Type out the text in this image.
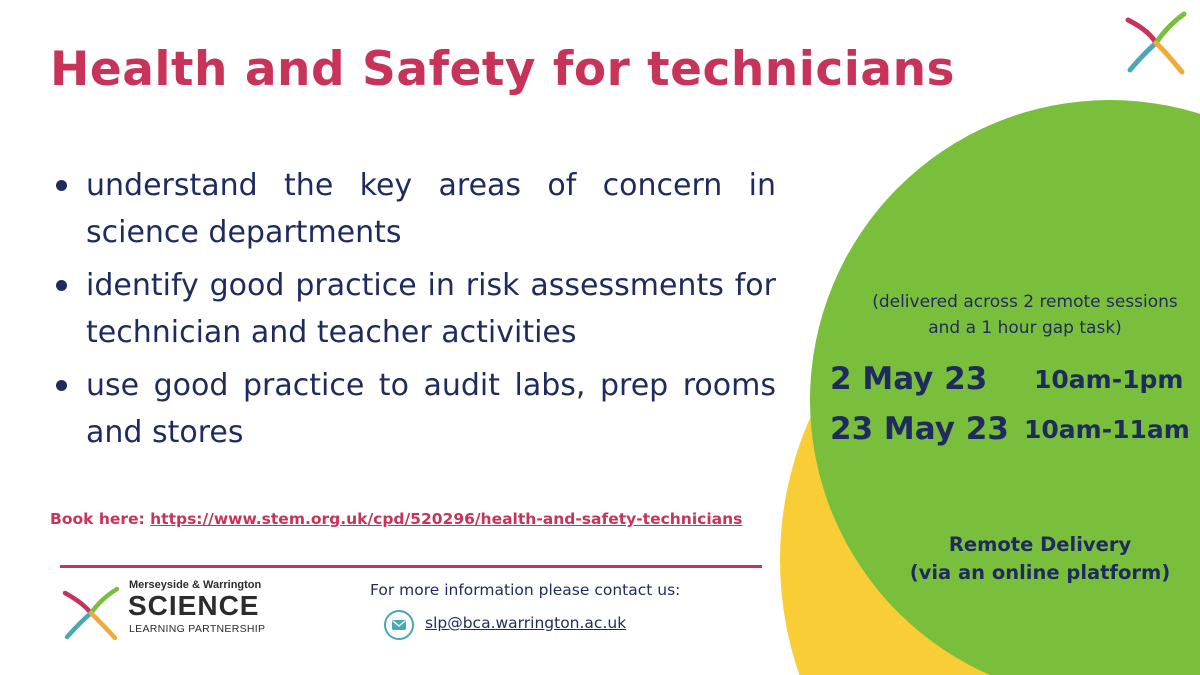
Health and Safety for technicians
understand the key areas of concern in science departments
identify good practice in risk assessments for technician and teacher activities
use good practice to audit labs, prep rooms and stores
Book here: https://www.stem.org.uk/cpd/520296/health-and-safety-technicians
Merseyside & Warrington
SCIENCE
LEARNING PARTNERSHIP
For more information please contact us:
slp@bca.warrington.ac.uk

(delivered across 2 remote sessions and a 1 hour gap task)

2 May 23 10am-1pm
23 May 23 10am-11am
Remote Delivery
(via an online platform)
